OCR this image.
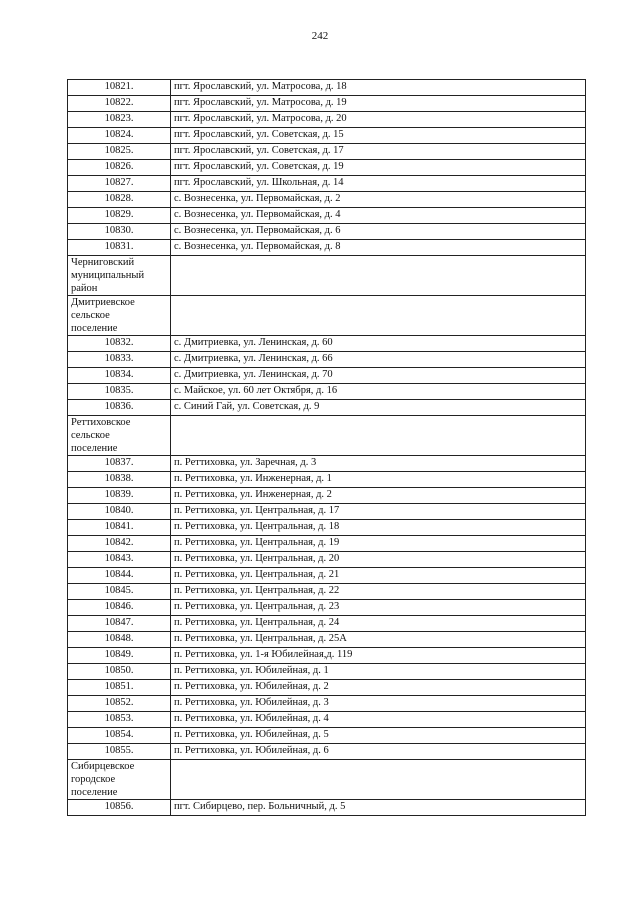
242
10821.	пгт. Ярославский, ул. Матросова, д. 18
10822.	пгт. Ярославский, ул. Матросова, д. 19
10823.	пгт. Ярославский, ул. Матросова, д. 20
10824.	пгт. Ярославский, ул. Советская, д. 15
10825.	пгт. Ярославский, ул. Советская, д. 17
10826.	пгт. Ярославский, ул. Советская, д. 19
10827.	пгт. Ярославский, ул. Школьная, д. 14
10828.	с. Вознесенка, ул. Первомайская, д. 2
10829.	с. Вознесенка, ул. Первомайская, д. 4
10830.	с. Вознесенка, ул. Первомайская, д. 6
10831.	с. Вознесенка, ул. Первомайская, д. 8

Черниговский
муниципальный
район	

Дмитриевское
сельское
поселение	

10832.	с. Дмитриевка, ул. Ленинская, д. 60
10833.	с. Дмитриевка, ул. Ленинская, д. 66
10834.	с. Дмитриевка, ул. Ленинская, д. 70
10835.	с. Майское, ул. 60 лет Октября, д. 16
10836.	с. Синий Гай, ул. Советская, д. 9

Реттиховское
сельское
поселение	

10837.	п. Реттиховка, ул. Заречная, д. 3
10838.	п. Реттиховка, ул. Инженерная, д. 1
10839.	п. Реттиховка, ул. Инженерная, д. 2
10840.	п. Реттиховка, ул. Центральная, д. 17
10841.	п. Реттиховка, ул. Центральная, д. 18
10842.	п. Реттиховка, ул. Центральная, д. 19
10843.	п. Реттиховка, ул. Центральная, д. 20
10844.	п. Реттиховка, ул. Центральная, д. 21
10845.	п. Реттиховка, ул. Центральная, д. 22
10846.	п. Реттиховка, ул. Центральная, д. 23
10847.	п. Реттиховка, ул. Центральная, д. 24
10848.	п. Реттиховка, ул. Центральная, д. 25А
10849.	п. Реттиховка, ул. 1-я Юбилейная,д. 119
10850.	п. Реттиховка, ул. Юбилейная, д. 1
10851.	п. Реттиховка, ул. Юбилейная, д. 2
10852.	п. Реттиховка, ул. Юбилейная, д. 3
10853.	п. Реттиховка, ул. Юбилейная, д. 4
10854.	п. Реттиховка, ул. Юбилейная, д. 5
10855.	п. Реттиховка, ул. Юбилейная, д. 6

Сибирцевское
городское
поселение	

10856.	пгт. Сибирцево, пер. Больничный, д. 5
